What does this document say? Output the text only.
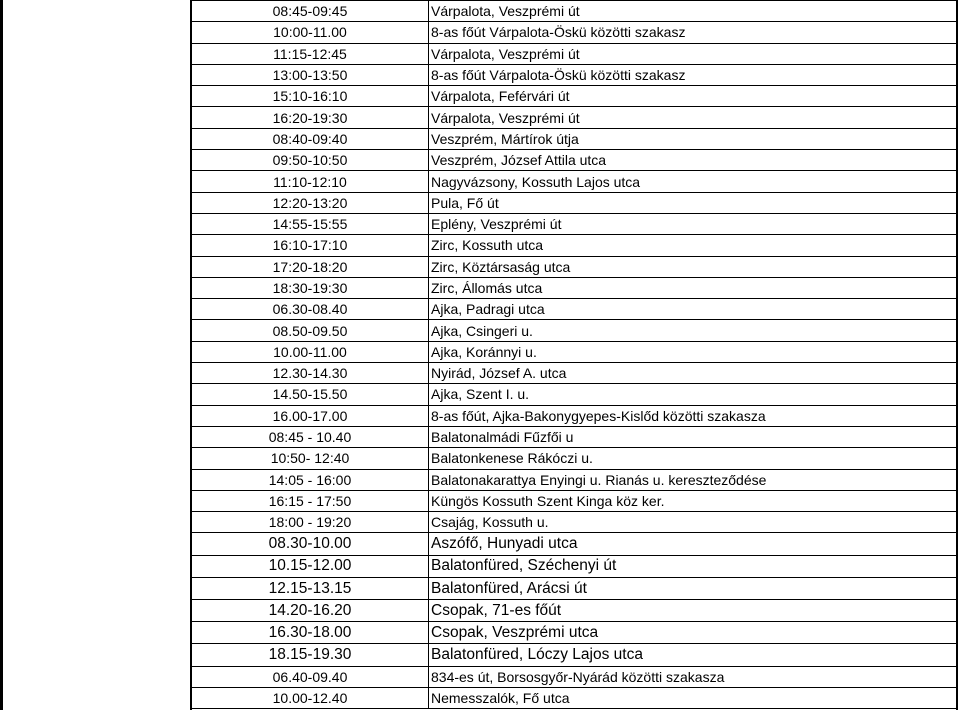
08:45-09:45	Várpalota, Veszprémi út
10:00-11.00	8-as főút Várpalota-Öskü közötti szakasz
11:15-12:45	Várpalota, Veszprémi út
13:00-13:50	8-as főút Várpalota-Öskü közötti szakasz
15:10-16:10	Várpalota, Feférvári út
16:20-19:30	Várpalota, Veszprémi út
08:40-09:40	Veszprém, Mártírok útja
09:50-10:50	Veszprém, József Attila utca
11:10-12:10	Nagyvázsony, Kossuth Lajos utca
12:20-13:20	Pula, Fő út
14:55-15:55	Eplény, Veszprémi út
16:10-17:10	Zirc, Kossuth utca
17:20-18:20	Zirc, Köztársaság utca
18:30-19:30	Zirc, Állomás utca
06.30-08.40	Ajka, Padragi utca
08.50-09.50	Ajka, Csingeri u.
10.00-11.00	Ajka, Koránnyi u.
12.30-14.30	Nyirád, József A. utca
14.50-15.50	Ajka, Szent I. u.
16.00-17.00	8-as főút, Ajka-Bakonygyepes-Kislőd közötti szakasza
08:45 - 10.40	Balatonalmádi Fűzfői u
10:50- 12:40	Balatonkenese Rákóczi u.
14:05 - 16:00	Balatonakarattya Enyingi u. Rianás u. kereszteződése
16:15 - 17:50	Küngös Kossuth Szent Kinga köz ker.
18:00 - 19:20	Csajág, Kossuth u.
08.30-10.00	Aszófő, Hunyadi utca
10.15-12.00	Balatonfüred, Széchenyi út
12.15-13.15	Balatonfüred, Arácsi út
14.20-16.20	Csopak, 71-es főút
16.30-18.00	Csopak, Veszprémi utca
18.15-19.30	Balatonfüred, Lóczy Lajos utca
06.40-09.40	834-es út, Borsosgyőr-Nyárád közötti szakasza
10.00-12.40	Nemesszalók, Fő utca
